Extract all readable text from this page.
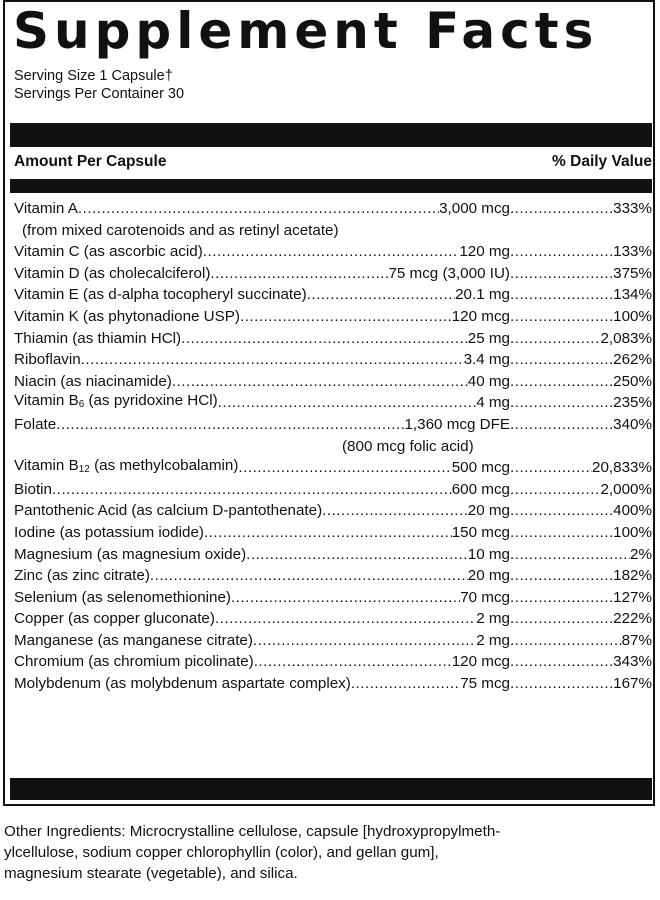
Supplement Facts
Serving Size 1 Capsule†
Servings Per Container 30
Amount Per Capsule	% Daily Value
Vitamin A .....	3,000 mcg .....	333%
(from mixed carotenoids and as retinyl acetate)
Vitamin C (as ascorbic acid) .....	120 mg .....	133%
Vitamin D (as cholecalciferol) .....	75 mcg (3,000 IU) .....	375%
Vitamin E (as d-alpha tocopheryl succinate) .....	20.1 mg .....	134%
Vitamin K (as phytonadione USP) .....	120 mcg .....	100%
Thiamin (as thiamin HCl) .....	25 mg .....	2,083%
Riboflavin .....	3.4 mg .....	262%
Niacin (as niacinamide) .....	40 mg .....	250%
Vitamin $B_6$ (as pyridoxine HCl) .....	4 mg .....	235%
Folate .....	1,360 mcg DFE .....	340%
(800 mcg folic acid)
Vitamin $B_{12}$ (as methylcobalamin) .....	500 mcg .....	20,833%
Biotin .....	600 mcg .....	2,000%
Pantothenic Acid (as calcium D-pantothenate) .....	20 mg .....	400%
Iodine (as potassium iodide) .....	150 mcg .....	100%
Magnesium (as magnesium oxide) .....	10 mg .....	2%
Zinc (as zinc citrate) .....	20 mg .....	182%
Selenium (as selenomethionine) .....	70 mcg .....	127%
Copper (as copper gluconate) .....	2 mg .....	222%
Manganese (as manganese citrate) .....	2 mg .....	87%
Chromium (as chromium picolinate) .....	120 mcg .....	343%
Molybdenum (as molybdenum aspartate complex) .....	75 mcg .....	167%
Other Ingredients: Microcrystalline cellulose, capsule [hydroxypropylmeth-
ylcellulose, sodium copper chlorophyllin (color), and gellan gum],
magnesium stearate (vegetable), and silica.
